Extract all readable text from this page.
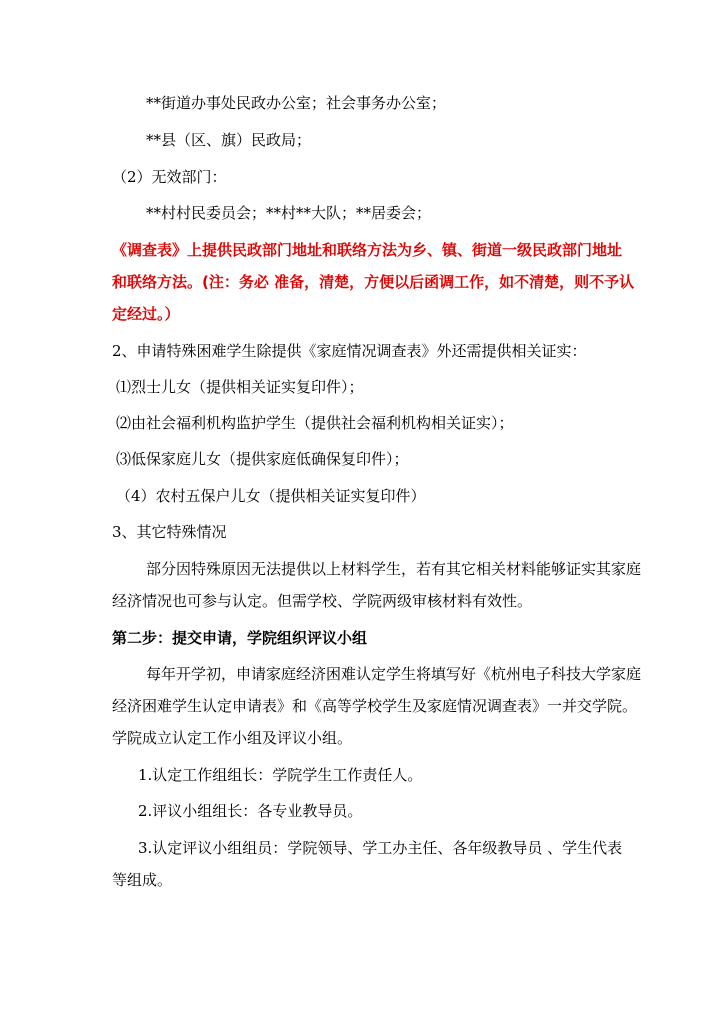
**街道办事处民政办公室；社会事务办公室；
**县（区、旗）民政局；
（2）无效部门：
**村村民委员会；**村**大队；**居委会；
《调查表》上提供民政部门地址和联络方法为乡、镇、街道一级民政部门地址
和联络方法。(注：务必 准备，清楚，方便以后函调工作，如不清楚，则不予认
定经过。）
2、申请特殊困难学生除提供《家庭情况调查表》外还需提供相关证实：
⑴烈士儿女（提供相关证实复印件）；
⑵由社会福利机构监护学生（提供社会福利机构相关证实）；
⑶低保家庭儿女（提供家庭低确保复印件）；
（4）农村五保户儿女（提供相关证实复印件）
3、其它特殊情况
部分因特殊原因无法提供以上材料学生，若有其它相关材料能够证实其家庭
经济情况也可参与认定。但需学校、学院两级审核材料有效性。
第二步：提交申请，学院组织评议小组
每年开学初，申请家庭经济困难认定学生将填写好《杭州电子科技大学家庭
经济困难学生认定申请表》和《高等学校学生及家庭情况调查表》一并交学院。
学院成立认定工作小组及评议小组。
1.认定工作组组长：学院学生工作责任人。
2.评议小组组长：各专业教导员。
3.认定评议小组组员：学院领导、学工办主任、各年级教导员 、学生代表
等组成。
